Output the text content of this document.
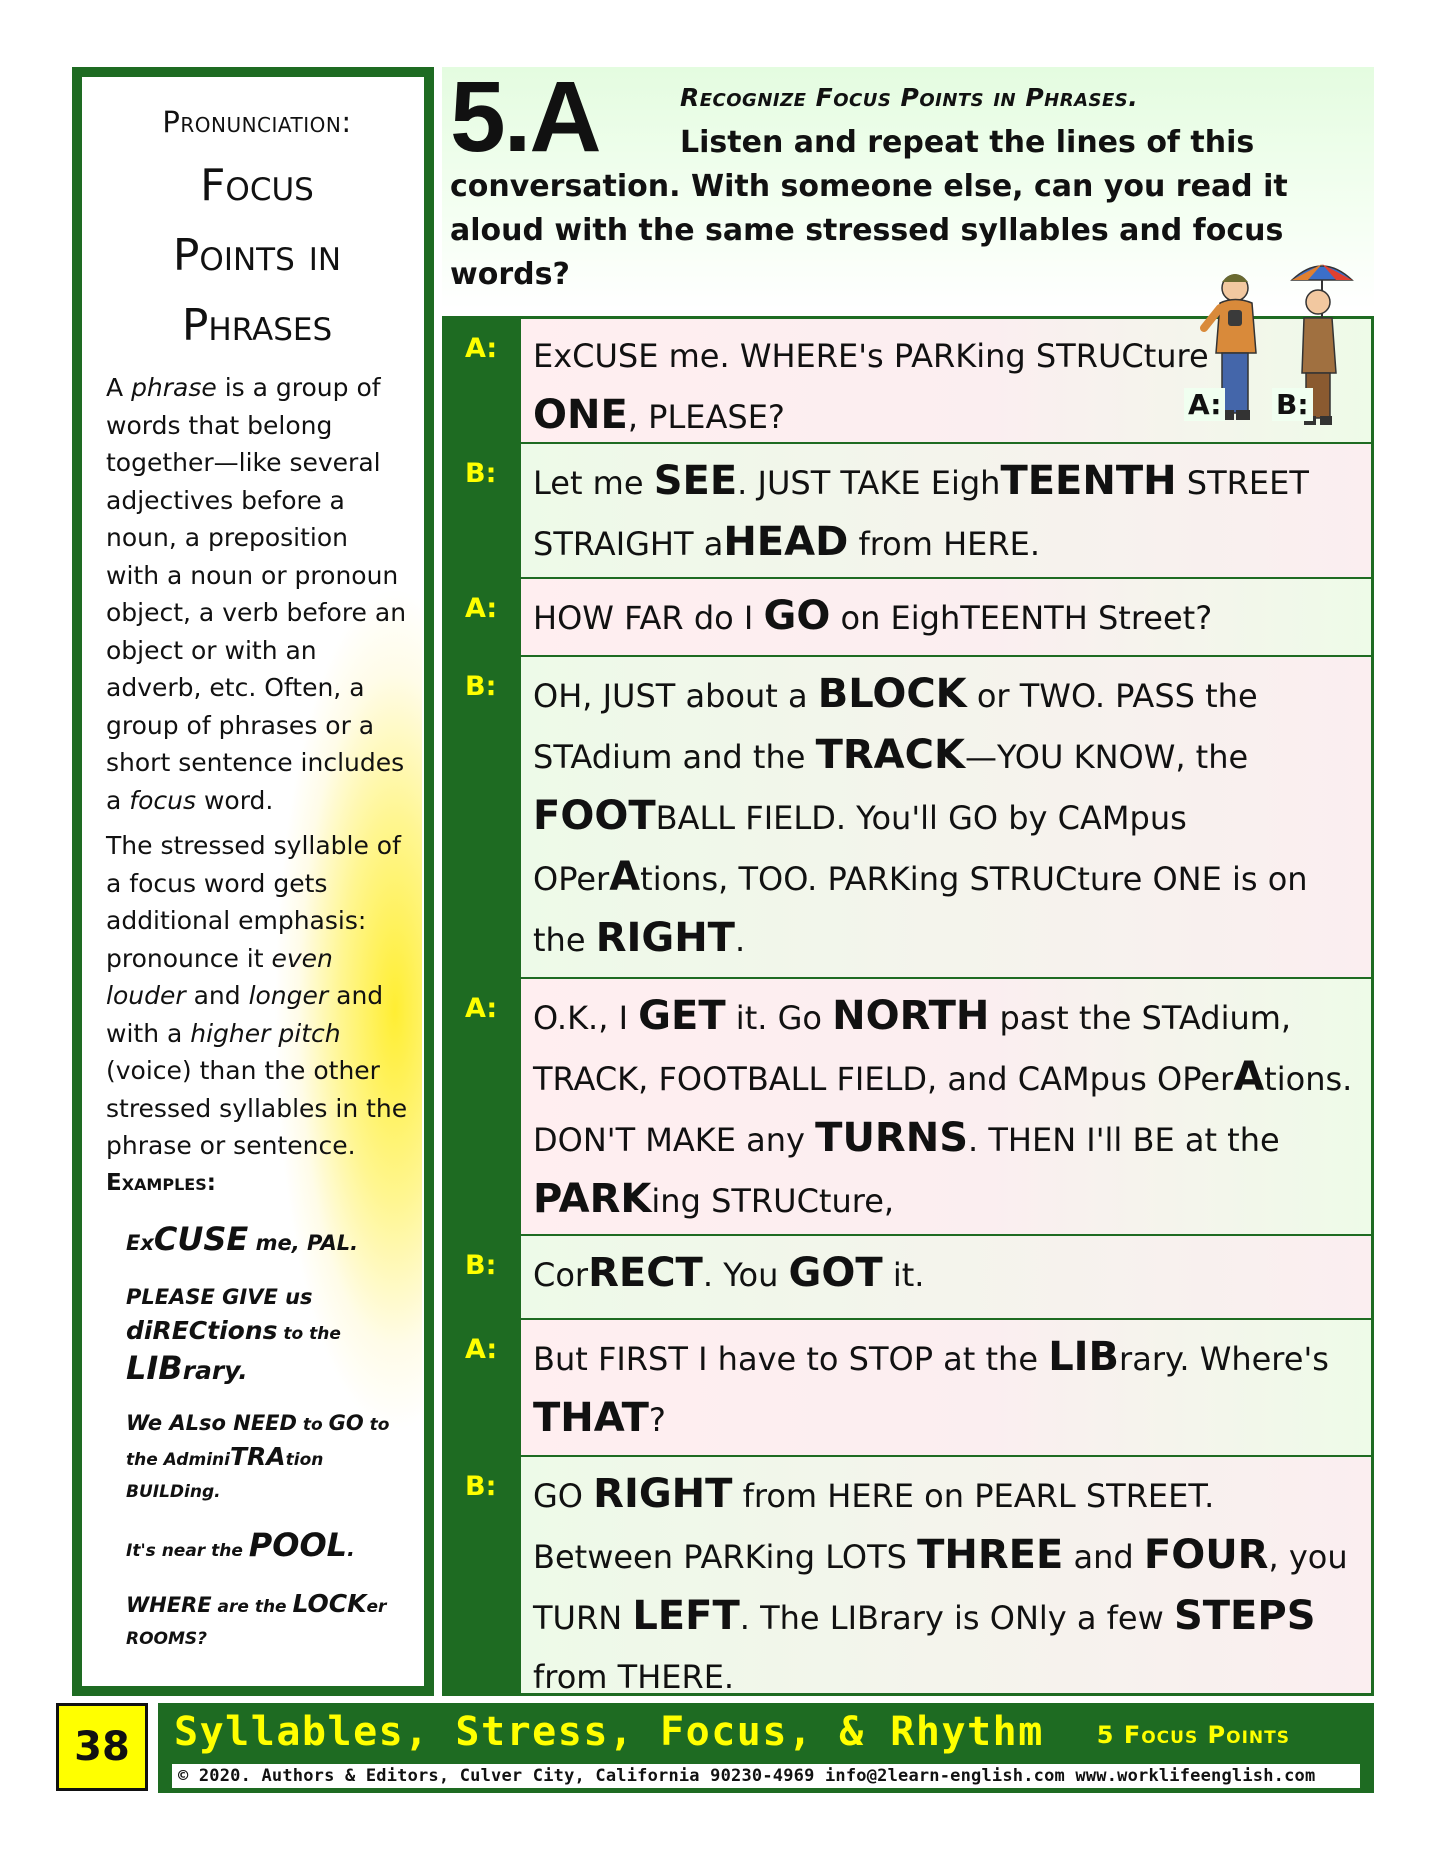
Pronunciation:
Focus
Points in
Phrases

A phrase is a group of words that belong together—like several adjectives before a noun, a preposition with a noun or pronoun object, a verb before an object or with an adverb, etc. Often, a group of phrases or a short sentence includes a focus word.

The stressed syllable of a focus word gets additional emphasis: pronounce it even louder and longer and with a higher pitch (voice) than the other stressed syllables in the phrase or sentence.

Examples:
ExCUSE me, PAL.
PLEASE GIVE us
diRECtions to the
LIBrary.
We ALso NEED to GO to
the AdminiTRAtion
BUILDing.
It's near the POOL.
WHERE are the LOCKer
ROOMS?
5.A	Recognize Focus Points in Phrases.
Listen and repeat the lines of this conversation. With someone else, can you read it aloud with the same stressed syllables and focus words?
A:	ExCUSE me. WHERE's PARKing STRUCture
ONE, PLEASE?
B:	Let me SEE. JUST TAKE EighTEENTH STREET STRAIGHT aHEAD from HERE.
A:	HOW FAR do I GO on EighTEENTH Street?
B:	OH, JUST about a BLOCK or TWO. PASS the STAdium and the TRACK—YOU KNOW, the FOOTBALL FIELD. You'll GO by CAMpus OPerAtions, TOO. PARKing STRUCture ONE is on the RIGHT.
A:	O.K., I GET it. Go NORTH past the STAdium, TRACK, FOOTBALL FIELD, and CAMpus OPerAtions. DON'T MAKE any TURNS. THEN I'll BE at the PARKing STRUCture,
B:	CorRECT. You GOT it.
A:	But FIRST I have to STOP at the LIBrary. Where's THAT?
B:	GO RIGHT from HERE on PEARL STREET. Between PARKing LOTS THREE and FOUR, you TURN LEFT. The LIBrary is ONly a few STEPS from THERE.
A: B:
38	Syllables, Stress, Focus, & Rhythm 5 Focus Points
© 2020. Authors & Editors, Culver City, California 90230-4969 info@2learn-english.com www.worklifeenglish.com
